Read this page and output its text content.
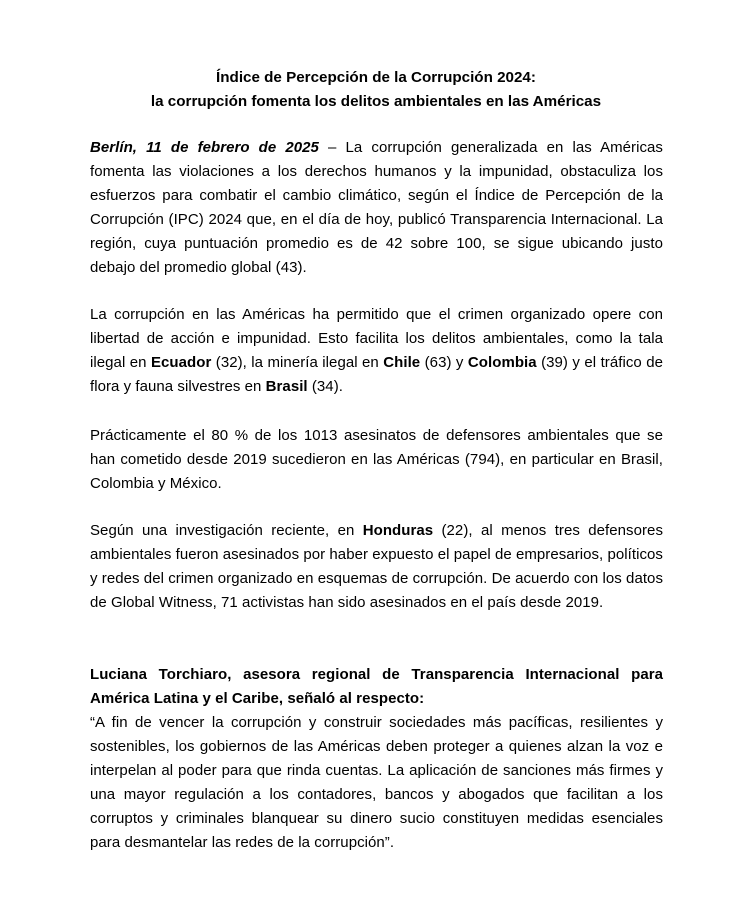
Índice de Percepción de la Corrupción 2024:
la corrupción fomenta los delitos ambientales en las Américas

Berlín, 11 de febrero de 2025 – La corrupción generalizada en las Américas fomenta las violaciones a los derechos humanos y la impunidad, obstaculiza los esfuerzos para combatir el cambio climático, según el Índice de Percepción de la Corrupción (IPC) 2024 que, en el día de hoy, publicó Transparencia Internacional. La región, cuya puntuación promedio es de 42 sobre 100, se sigue ubicando justo debajo del promedio global (43).

La corrupción en las Américas ha permitido que el crimen organizado opere con libertad de acción e impunidad. Esto facilita los delitos ambientales, como la tala ilegal en Ecuador (32), la minería ilegal en Chile (63) y Colombia (39) y el tráfico de flora y fauna silvestres en Brasil (34).

Prácticamente el 80 % de los 1013 asesinatos de defensores ambientales que se han cometido desde 2019 sucedieron en las Américas (794), en particular en Brasil, Colombia y México.

Según una investigación reciente, en Honduras (22), al menos tres defensores ambientales fueron asesinados por haber expuesto el papel de empresarios, políticos y redes del crimen organizado en esquemas de corrupción. De acuerdo con los datos de Global Witness, 71 activistas han sido asesinados en el país desde 2019.

Luciana Torchiaro, asesora regional de Transparencia Internacional para América Latina y el Caribe, señaló al respecto:

“A fin de vencer la corrupción y construir sociedades más pacíficas, resilientes y sostenibles, los gobiernos de las Américas deben proteger a quienes alzan la voz e interpelan al poder para que rinda cuentas. La aplicación de sanciones más firmes y una mayor regulación a los contadores, bancos y abogados que facilitan a los corruptos y criminales blanquear su dinero sucio constituyen medidas esenciales para desmantelar las redes de la corrupción”.
